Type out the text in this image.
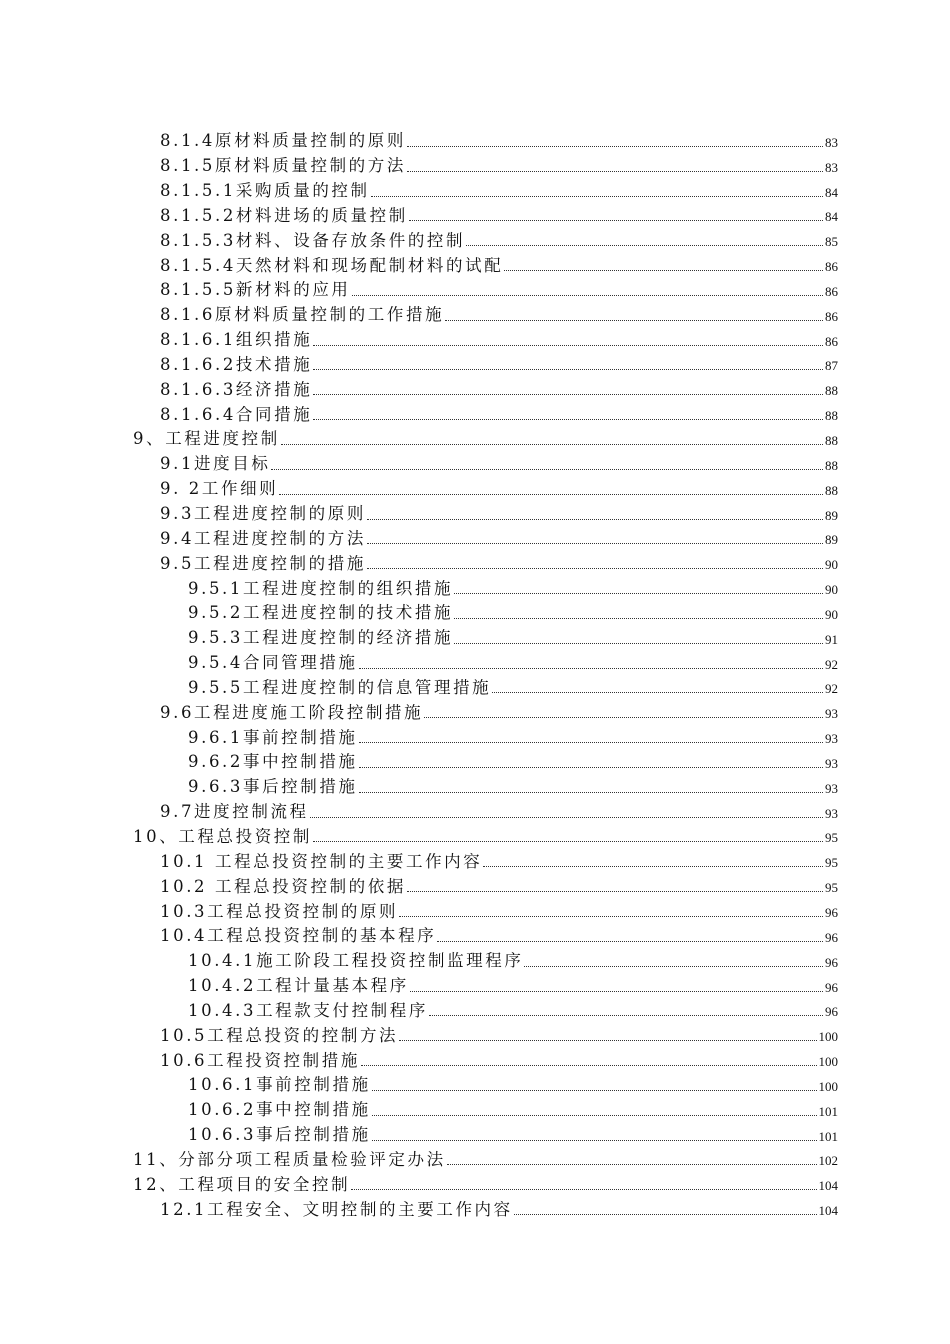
8.1.4原材料质量控制的原则	83
8.1.5原材料质量控制的方法	83
8.1.5.1采购质量的控制	84
8.1.5.2材料进场的质量控制	84
8.1.5.3材料、设备存放条件的控制	85
8.1.5.4天然材料和现场配制材料的试配	86
8.1.5.5新材料的应用	86
8.1.6原材料质量控制的工作措施	86
8.1.6.1组织措施	86
8.1.6.2技术措施	87
8.1.6.3经济措施	88
8.1.6.4合同措施	88
9、工程进度控制	88
9.1进度目标	88
9. 2工作细则	88
9.3工程进度控制的原则	89
9.4工程进度控制的方法	89
9.5工程进度控制的措施	90
9.5.1工程进度控制的组织措施	90
9.5.2工程进度控制的技术措施	90
9.5.3工程进度控制的经济措施	91
9.5.4合同管理措施	92
9.5.5工程进度控制的信息管理措施	92
9.6工程进度施工阶段控制措施	93
9.6.1事前控制措施	93
9.6.2事中控制措施	93
9.6.3事后控制措施	93
9.7进度控制流程	93
10、工程总投资控制	95
10.1 工程总投资控制的主要工作内容	95
10.2 工程总投资控制的依据	95
10.3工程总投资控制的原则	96
10.4工程总投资控制的基本程序	96
10.4.1施工阶段工程投资控制监理程序	96
10.4.2工程计量基本程序	96
10.4.3工程款支付控制程序	96
10.5工程总投资的控制方法	100
10.6工程投资控制措施	100
10.6.1事前控制措施	100
10.6.2事中控制措施	101
10.6.3事后控制措施	101
11、分部分项工程质量检验评定办法	102
12、工程项目的安全控制	104
12.1工程安全、文明控制的主要工作内容	104
